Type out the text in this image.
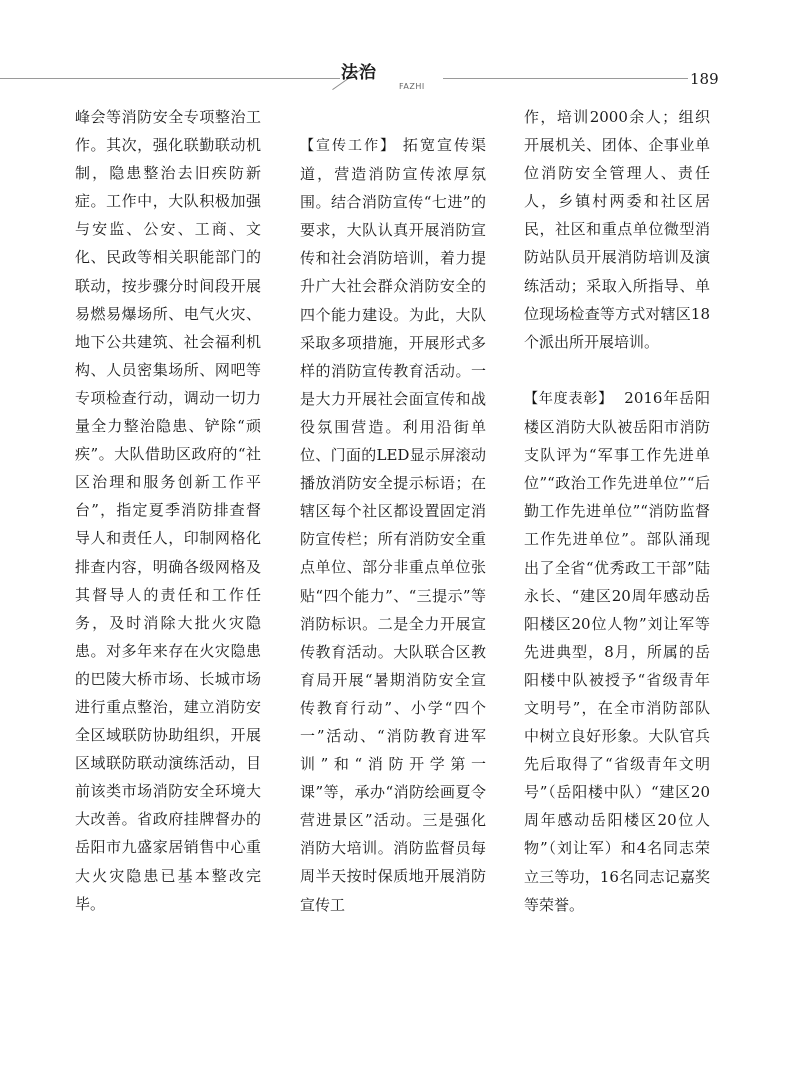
法治
FAZHI	189

峰会等消防安全专项整治工作。其次，强化联勤联动机制，隐患整治去旧疾防新症。工作中，大队积极加强与安监、公安、工商、文化、民政等相关职能部门的联动，按步骤分时间段开展易燃易爆场所、电气火灾、地下公共建筑、社会福利机构、人员密集场所、网吧等专项检查行动，调动一切力量全力整治隐患、铲除“顽疾”。大队借助区政府的“社区治理和服务创新工作平台”，指定夏季消防排查督导人和责任人，印制网格化排查内容，明确各级网格及其督导人的责任和工作任务，及时消除大批火灾隐患。对多年来存在火灾隐患的巴陵大桥市场、长城市场进行重点整治，建立消防安全区域联防协助组织，开展区域联防联动演练活动，目前该类市场消防安全环境大大改善。省政府挂牌督办的岳阳市九盛家居销售中心重大火灾隐患已基本整改完毕。

【宣传工作】 拓宽宣传渠道，营造消防宣传浓厚氛围。结合消防宣传“七进”的要求，大队认真开展消防宣传和社会消防培训，着力提升广大社会群众消防安全的四个能力建设。为此，大队采取多项措施，开展形式多样的消防宣传教育活动。一是大力开展社会面宣传和战役氛围营造。利用沿街单位、门面的LED显示屏滚动播放消防安全提示标语；在辖区每个社区都设置固定消防宣传栏；所有消防安全重点单位、部分非重点单位张贴“四个能力”、“三提示”等消防标识。二是全力开展宣传教育活动。大队联合区教育局开展“暑期消防安全宣传教育行动”、小学“四个一”活动、“消防教育进军训”和“消防开学第一课”等，承办“消防绘画夏令营进景区”活动。三是强化消防大培训。消防监督员每周半天按时保质地开展消防宣传工

作，培训2000余人；组织开展机关、团体、企事业单位消防安全管理人、责任人，乡镇村两委和社区居民，社区和重点单位微型消防站队员开展消防培训及演练活动；采取入所指导、单位现场检查等方式对辖区18个派出所开展培训。

【年度表彰】 2016年岳阳楼区消防大队被岳阳市消防支队评为“军事工作先进单位”“政治工作先进单位”“后勤工作先进单位”“消防监督工作先进单位”。部队涌现出了全省“优秀政工干部”陆永长、“建区20周年感动岳阳楼区20位人物”刘让军等先进典型，8月，所属的岳阳楼中队被授予“省级青年文明号”，在全市消防部队中树立良好形象。大队官兵先后取得了“省级青年文明号”（岳阳楼中队）“建区20周年感动岳阳楼区20位人物”（刘让军）和4名同志荣立三等功，16名同志记嘉奖等荣誉。
